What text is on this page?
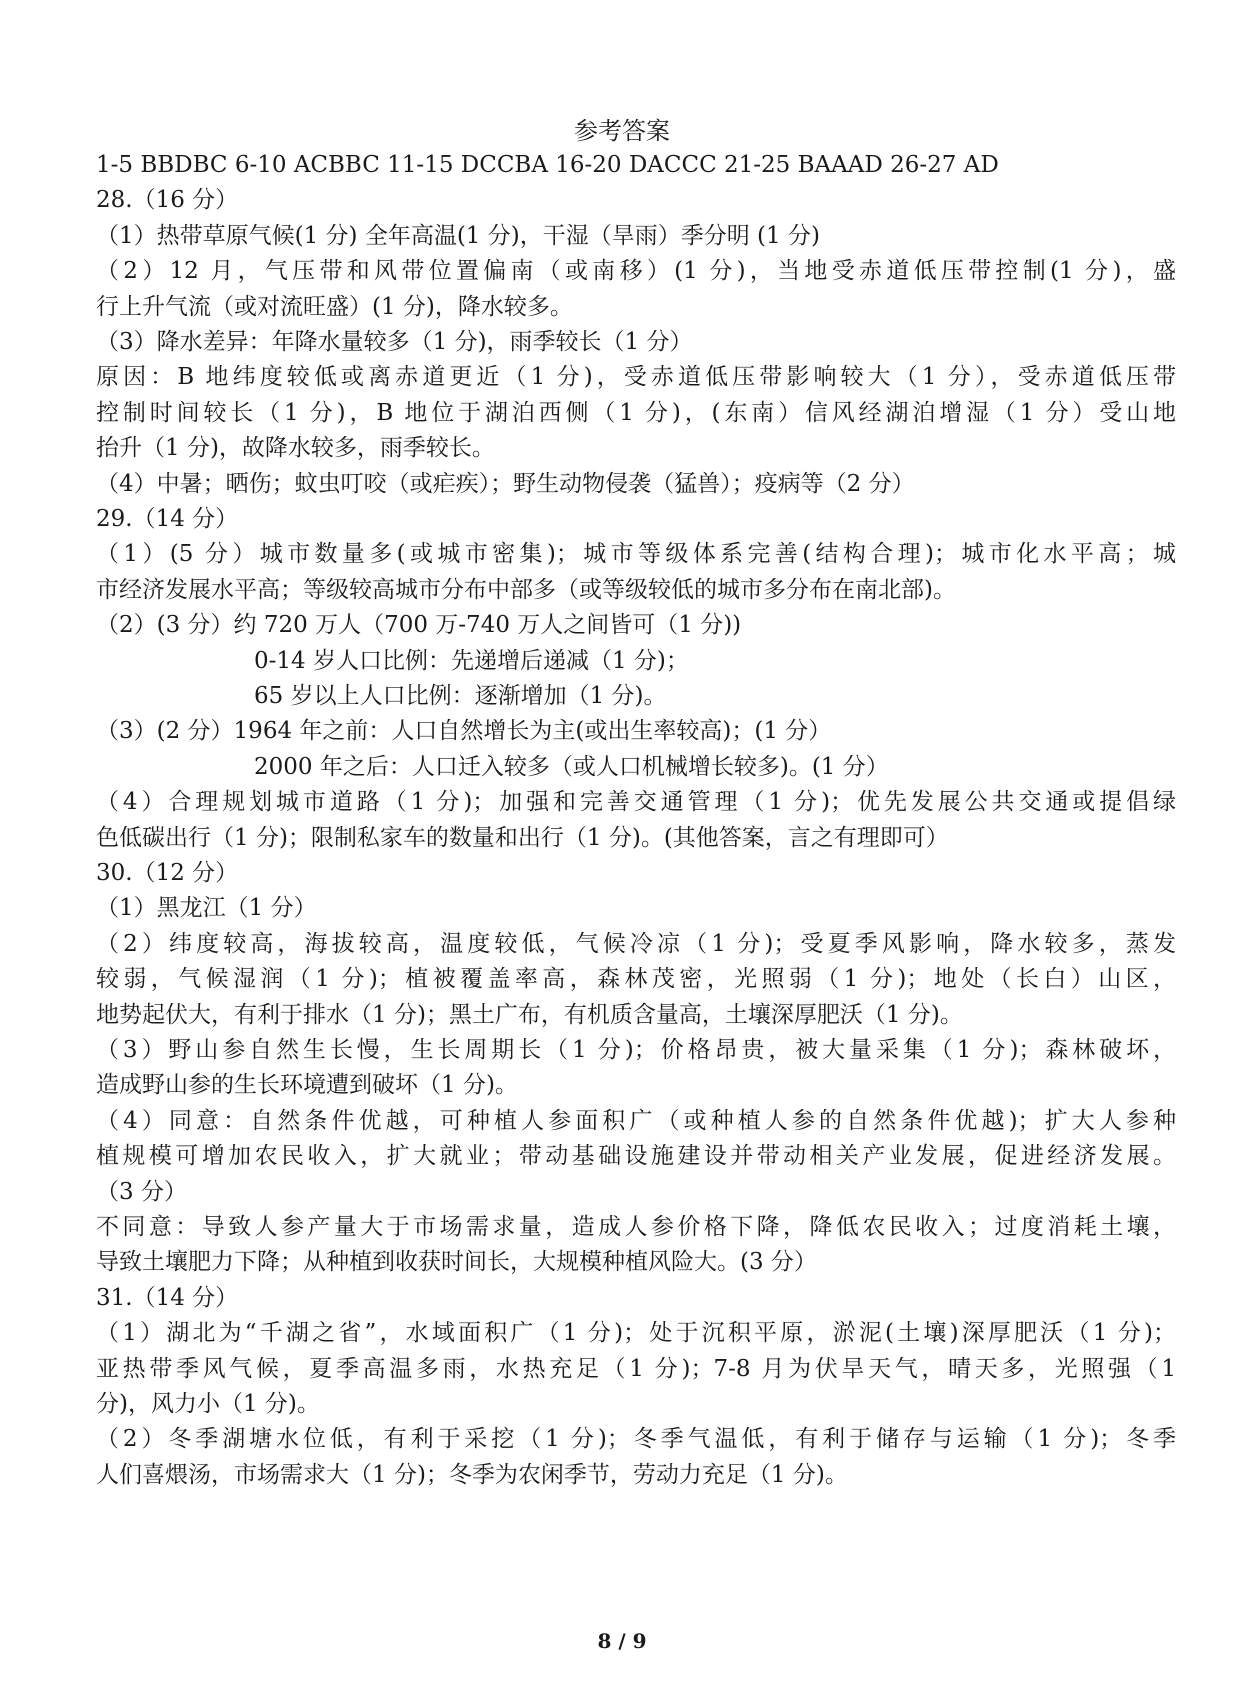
参考答案
1-5 BBDBC 6-10 ACBBC 11-15 DCCBA 16-20 DACCC 21-25 BAAAD 26-27 AD
28.（16 分）
（1）热带草原气候(1 分) 全年高温(1 分)，干湿（旱雨）季分明 (1 分)
（2）12 月，气压带和风带位置偏南（或南移）(1 分)，当地受赤道低压带控制(1 分)，盛
行上升气流（或对流旺盛）(1 分)，降水较多。
（3）降水差异：年降水量较多（1 分)，雨季较长（1 分）
原因：B 地纬度较低或离赤道更近（1 分)，受赤道低压带影响较大（1 分），受赤道低压带
控制时间较长（1 分)，B 地位于湖泊西侧（1 分)，(东南）信风经湖泊增湿（1 分）受山地
抬升（1 分)，故降水较多，雨季较长。
（4）中暑；晒伤；蚊虫叮咬（或疟疾）；野生动物侵袭（猛兽）；疫病等（2 分）
29.（14 分）
（1）(5 分）城市数量多(或城市密集)；城市等级体系完善(结构合理)；城市化水平高；城
市经济发展水平高；等级较高城市分布中部多（或等级较低的城市多分布在南北部)。
（2）(3 分）约 720 万人（700 万-740 万人之间皆可（1 分))
0-14 岁人口比例：先递增后递减（1 分)；
65 岁以上人口比例：逐渐增加（1 分)。
（3）(2 分）1964 年之前：人口自然增长为主(或出生率较高)；(1 分）
2000 年之后：人口迁入较多（或人口机械增长较多)。(1 分）
（4）合理规划城市道路（1 分)；加强和完善交通管理（1 分)；优先发展公共交通或提倡绿
色低碳出行（1 分)；限制私家车的数量和出行（1 分)。(其他答案，言之有理即可）
30.（12 分）
（1）黑龙江（1 分）
（2）纬度较高，海拔较高，温度较低，气候冷凉（1 分)；受夏季风影响，降水较多，蒸发
较弱，气候湿润（1 分)；植被覆盖率高，森林茂密，光照弱（1 分)；地处（长白）山区，
地势起伏大，有利于排水（1 分)；黑土广布，有机质含量高，土壤深厚肥沃（1 分)。
（3）野山参自然生长慢，生长周期长（1 分)；价格昂贵，被大量采集（1 分)；森林破坏，
造成野山参的生长环境遭到破坏（1 分)。
（4）同意：自然条件优越，可种植人参面积广（或种植人参的自然条件优越)；扩大人参种
植规模可增加农民收入，扩大就业；带动基础设施建设并带动相关产业发展，促进经济发展。
（3 分）
不同意：导致人参产量大于市场需求量，造成人参价格下降，降低农民收入；过度消耗土壤，
导致土壤肥力下降；从种植到收获时间长，大规模种植风险大。(3 分）
31.（14 分）
（1）湖北为“千湖之省”，水域面积广（1 分)；处于沉积平原，淤泥(土壤)深厚肥沃（1 分)；
亚热带季风气候，夏季高温多雨，水热充足（1 分)；7-8 月为伏旱天气，晴天多，光照强（1
分)，风力小（1 分)。
（2）冬季湖塘水位低，有利于采挖（1 分)；冬季气温低，有利于储存与运输（1 分)；冬季
人们喜煨汤，市场需求大（1 分)；冬季为农闲季节，劳动力充足（1 分)。
8 / 9
